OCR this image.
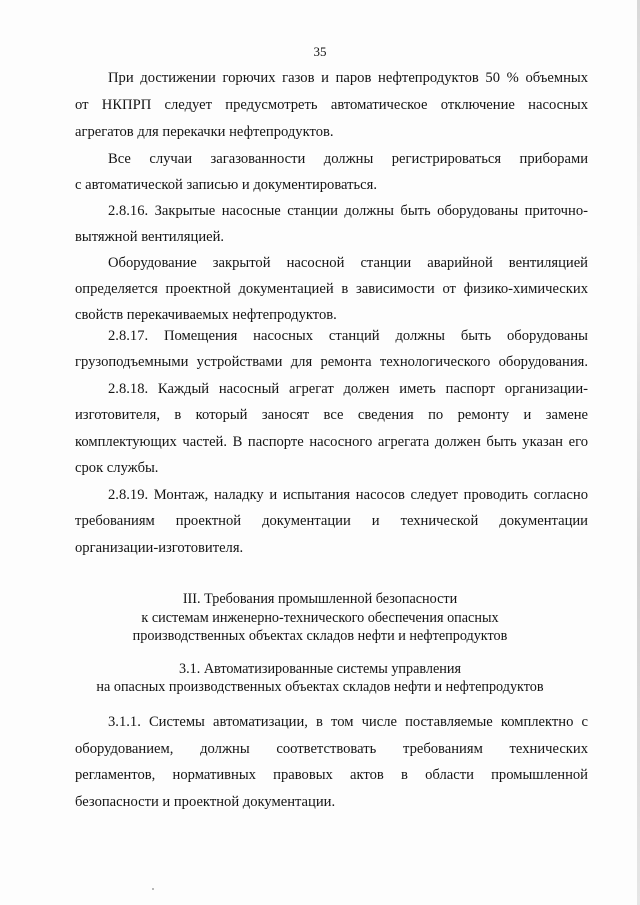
35
При достижении горючих газов и паров нефтепродуктов 50 % объемных
от НКПРП следует предусмотреть автоматическое отключение насосных
агрегатов для перекачки нефтепродуктов.
Все случаи загазованности должны регистрироваться приборами
с автоматической записью и документироваться.
2.8.16. Закрытые насосные станции должны быть оборудованы приточно-
вытяжной вентиляцией.
Оборудование закрытой насосной станции аварийной вентиляцией
определяется проектной документацией в зависимости от физико-химических
свойств перекачиваемых нефтепродуктов.
2.8.17. Помещения насосных станций должны быть оборудованы
грузоподъемными устройствами для ремонта технологического оборудования.
2.8.18. Каждый насосный агрегат должен иметь паспорт организации-
изготовителя, в который заносят все сведения по ремонту и замене
комплектующих частей. В паспорте насосного агрегата должен быть указан его
срок службы.
2.8.19. Монтаж, наладку и испытания насосов следует проводить согласно
требованиям проектной документации и технической документации
организации-изготовителя.
III. Требования промышленной безопасности
к системам инженерно-технического обеспечения опасных
производственных объектах складов нефти и нефтепродуктов
3.1. Автоматизированные системы управления
на опасных производственных объектах складов нефти и нефтепродуктов
3.1.1. Системы автоматизации, в том числе поставляемые комплектно с
оборудованием, должны соответствовать требованиям технических
регламентов, нормативных правовых актов в области промышленной
безопасности и проектной документации.
